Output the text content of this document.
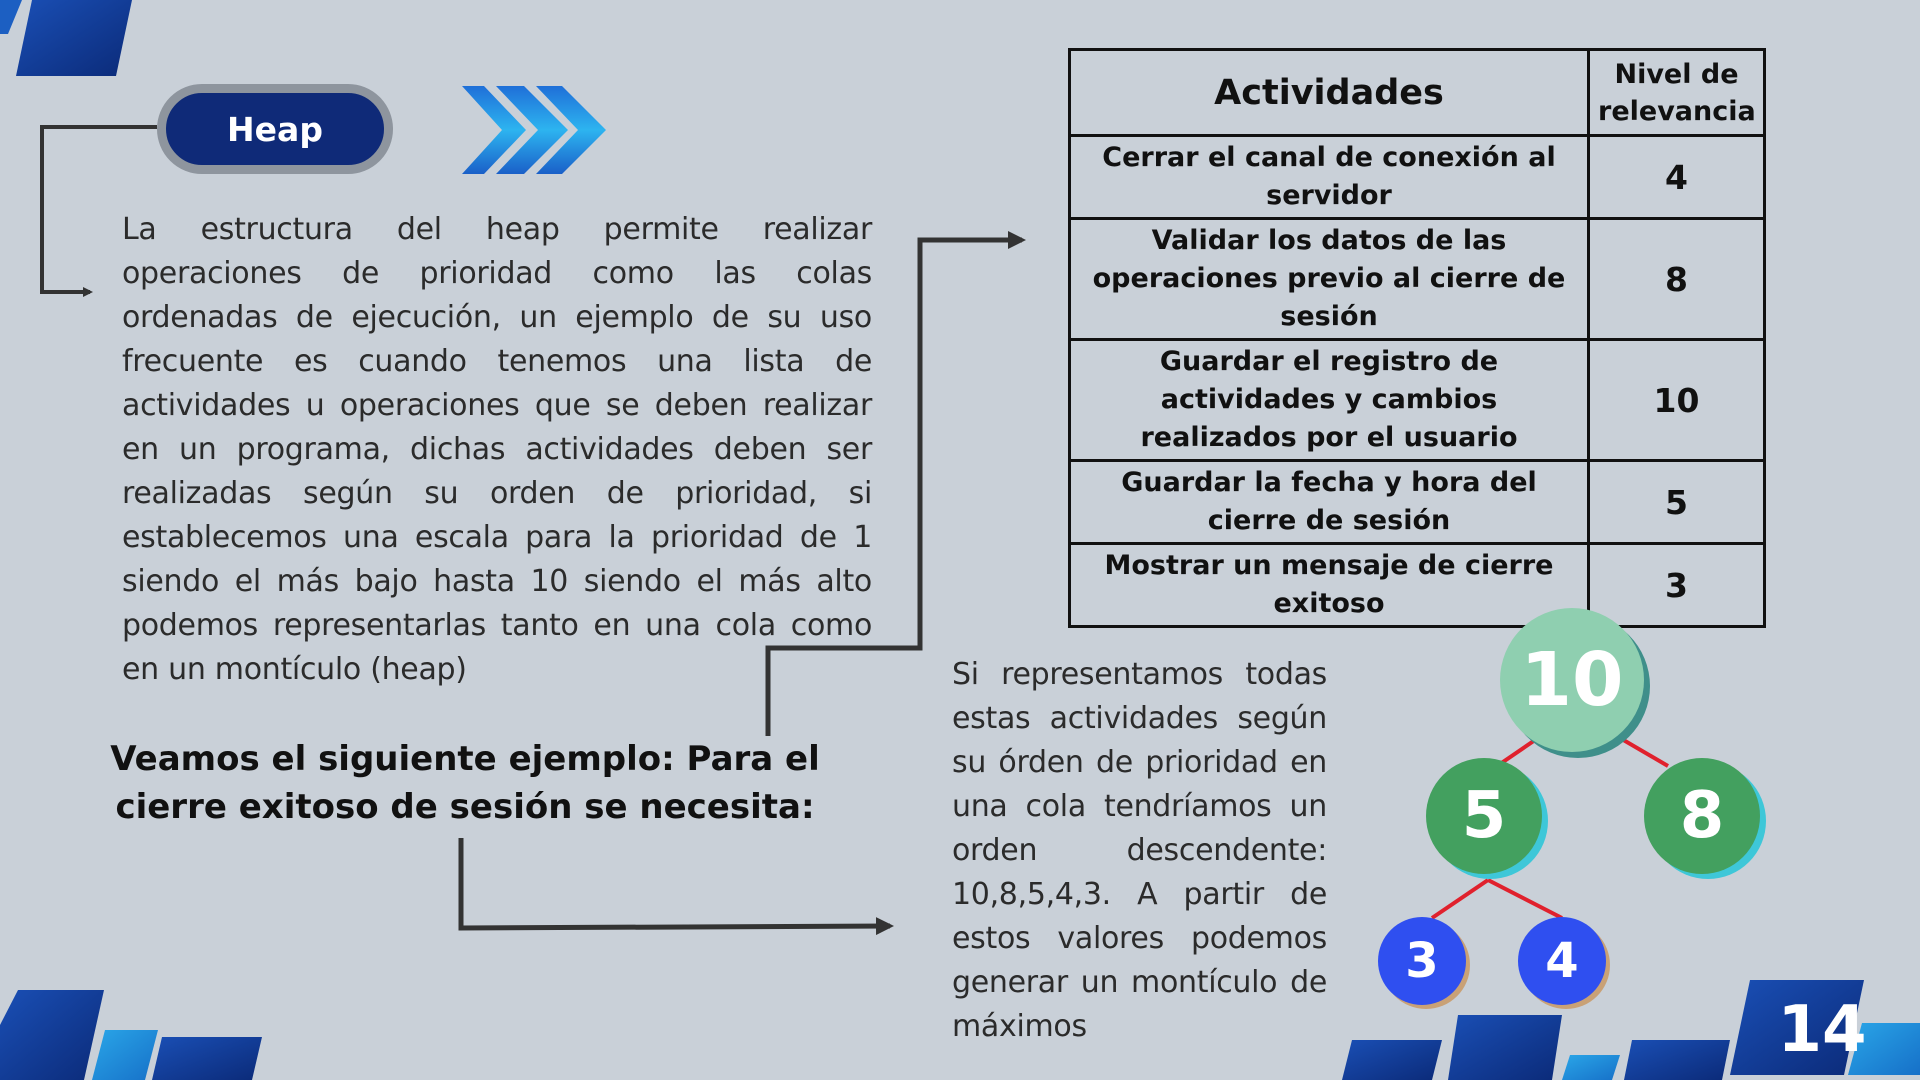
14
Heap
La estructura del heap permite realizar operaciones de prioridad como las colas ordenadas de ejecución, un ejemplo de su uso frecuente es cuando tenemos una lista de actividades u operaciones que se deben realizar en un programa, dichas actividades deben ser realizadas según su orden de prioridad, si establecemos una escala para la prioridad de 1 siendo el más bajo hasta 10 siendo el más alto podemos representarlas tanto en una cola como en un montículo (heap)
Veamos el siguiente ejemplo: Para el cierre exitoso de sesión se necesita:
Actividades	Nivel de relevancia
Cerrar el canal de conexión al servidor	4
Validar los datos de las operaciones previo al cierre de sesión	8
Guardar el registro de actividades y cambios realizados por el usuario	10
Guardar la fecha y hora del cierre de sesión	5
Mostrar un mensaje de cierre exitoso	3
Si representamos todas estas actividades según su órden de prioridad en una cola tendríamos un orden descendente: 10,8,5,4,3. A partir de estos valores podemos generar un montículo de máximos
10
5	8
3	4
